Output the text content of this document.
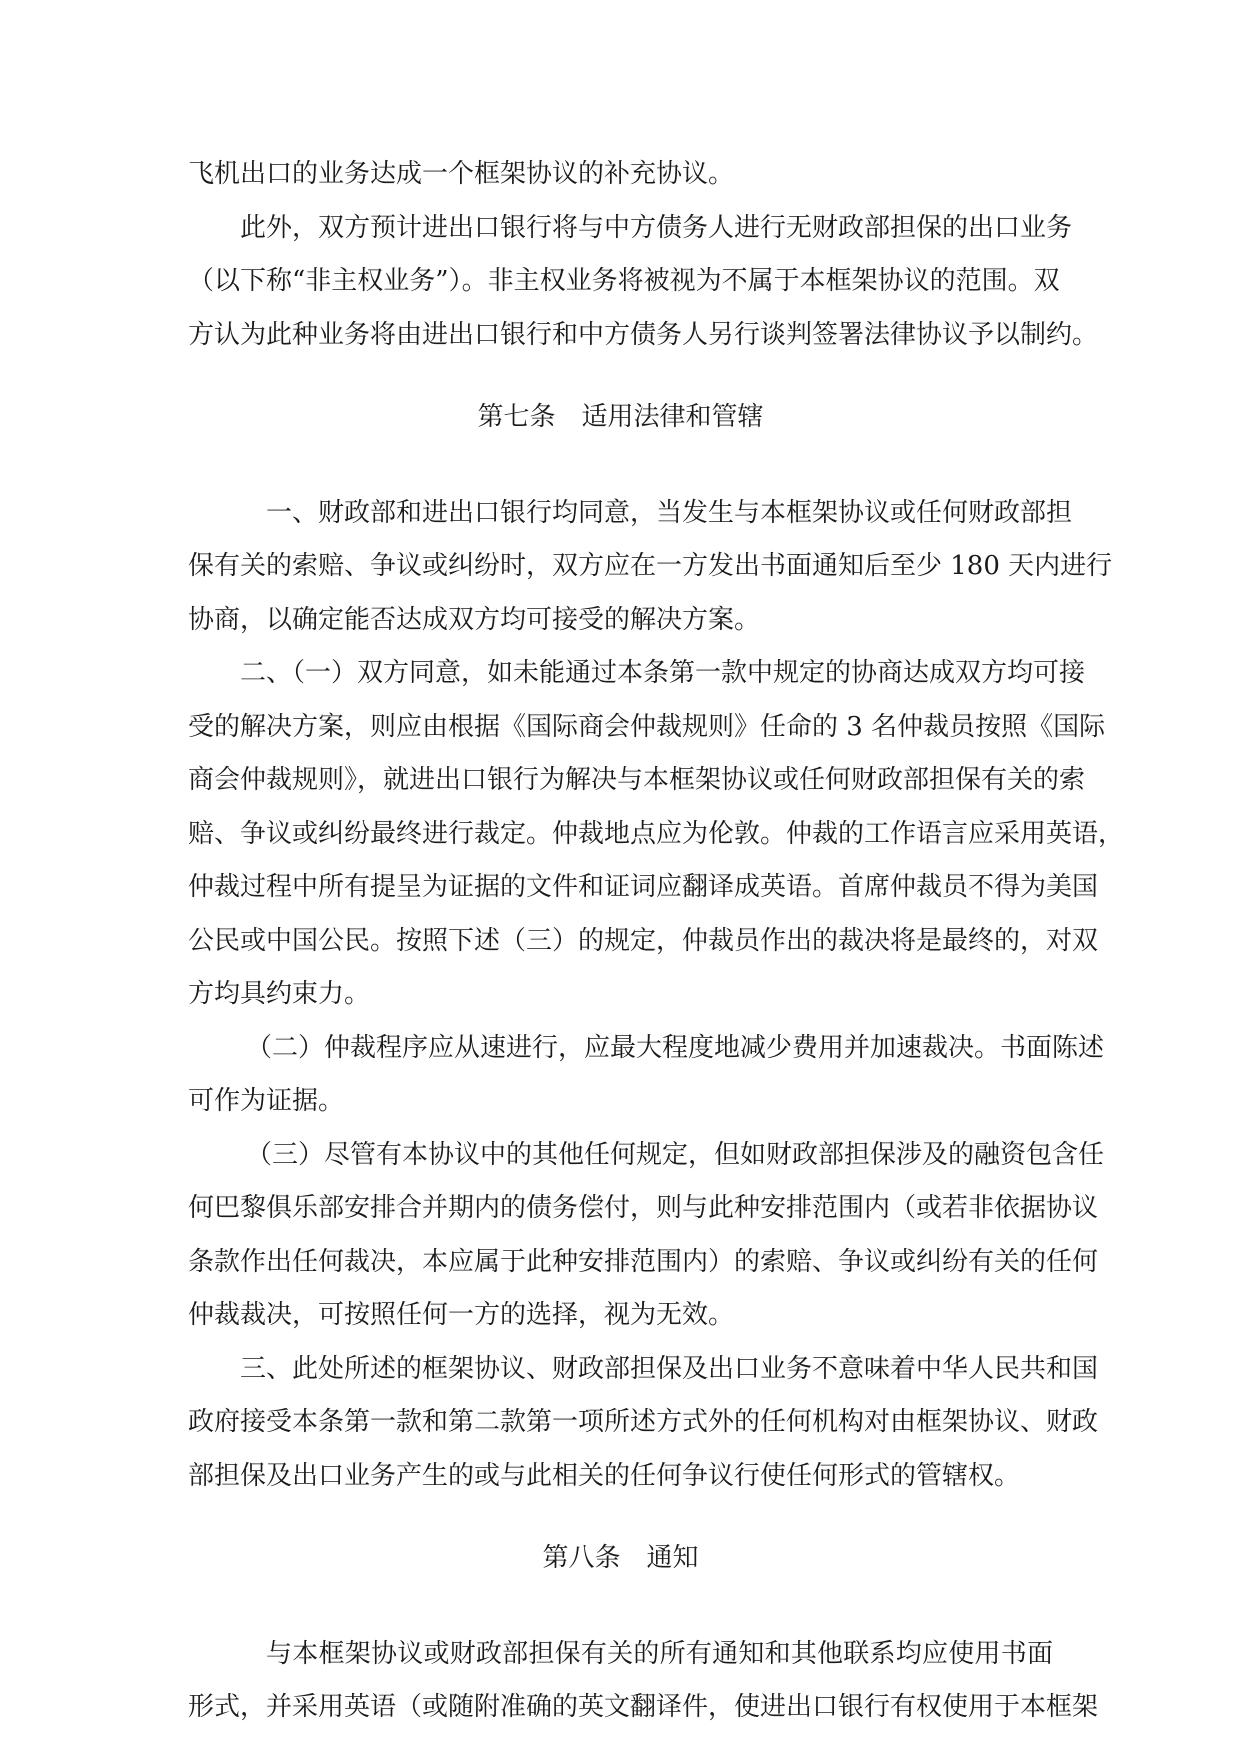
飞机出口的业务达成一个框架协议的补充协议。
此外，双方预计进出口银行将与中方债务人进行无财政部担保的出口业务
（以下称“非主权业务”）。非主权业务将被视为不属于本框架协议的范围。双
方认为此种业务将由进出口银行和中方债务人另行谈判签署法律协议予以制约。
第七条　适用法律和管辖
一、财政部和进出口银行均同意，当发生与本框架协议或任何财政部担
保有关的索赔、争议或纠纷时，双方应在一方发出书面通知后至少 180 天内进行
协商，以确定能否达成双方均可接受的解决方案。
二、（一）双方同意，如未能通过本条第一款中规定的协商达成双方均可接
受的解决方案，则应由根据《国际商会仲裁规则》任命的 3 名仲裁员按照《国际
商会仲裁规则》，就进出口银行为解决与本框架协议或任何财政部担保有关的索
赔、争议或纠纷最终进行裁定。仲裁地点应为伦敦。仲裁的工作语言应采用英语，
仲裁过程中所有提呈为证据的文件和证词应翻译成英语。首席仲裁员不得为美国
公民或中国公民。按照下述（三）的规定，仲裁员作出的裁决将是最终的，对双
方均具约束力。
（二）仲裁程序应从速进行，应最大程度地减少费用并加速裁决。书面陈述
可作为证据。
（三）尽管有本协议中的其他任何规定，但如财政部担保涉及的融资包含任
何巴黎俱乐部安排合并期内的债务偿付，则与此种安排范围内（或若非依据协议
条款作出任何裁决，本应属于此种安排范围内）的索赔、争议或纠纷有关的任何
仲裁裁决，可按照任何一方的选择，视为无效。
三、此处所述的框架协议、财政部担保及出口业务不意味着中华人民共和国
政府接受本条第一款和第二款第一项所述方式外的任何机构对由框架协议、财政
部担保及出口业务产生的或与此相关的任何争议行使任何形式的管辖权。
第八条　通知
与本框架协议或财政部担保有关的所有通知和其他联系均应使用书面
形式，并采用英语（或随附准确的英文翻译件，使进出口银行有权使用于本框架
